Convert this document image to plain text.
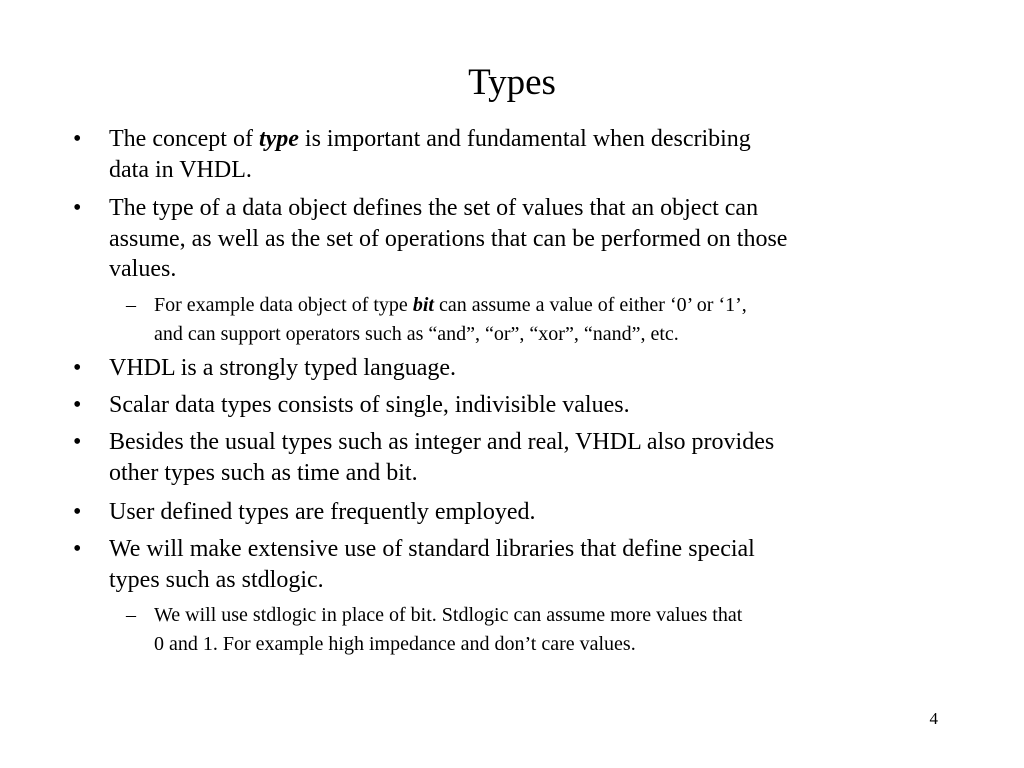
Types
• The concept of type is important and fundamental when describing
data in VHDL.
• The type of a data object defines the set of values that an object can
assume, as well as the set of operations that can be performed on those
values.
– For example data object of type bit can assume a value of either ‘0’ or ‘1’,
and can support operators such as “and”, “or”, “xor”, “nand”, etc.
• VHDL is a strongly typed language.
• Scalar data types consists of single, indivisible values.
• Besides the usual types such as integer and real, VHDL also provides
other types such as time and bit.
• User defined types are frequently employed.
• We will make extensive use of standard libraries that define special
types such as stdlogic.
– We will use stdlogic in place of bit. Stdlogic can assume more values that
0 and 1. For example high impedance and don’t care values.
4
